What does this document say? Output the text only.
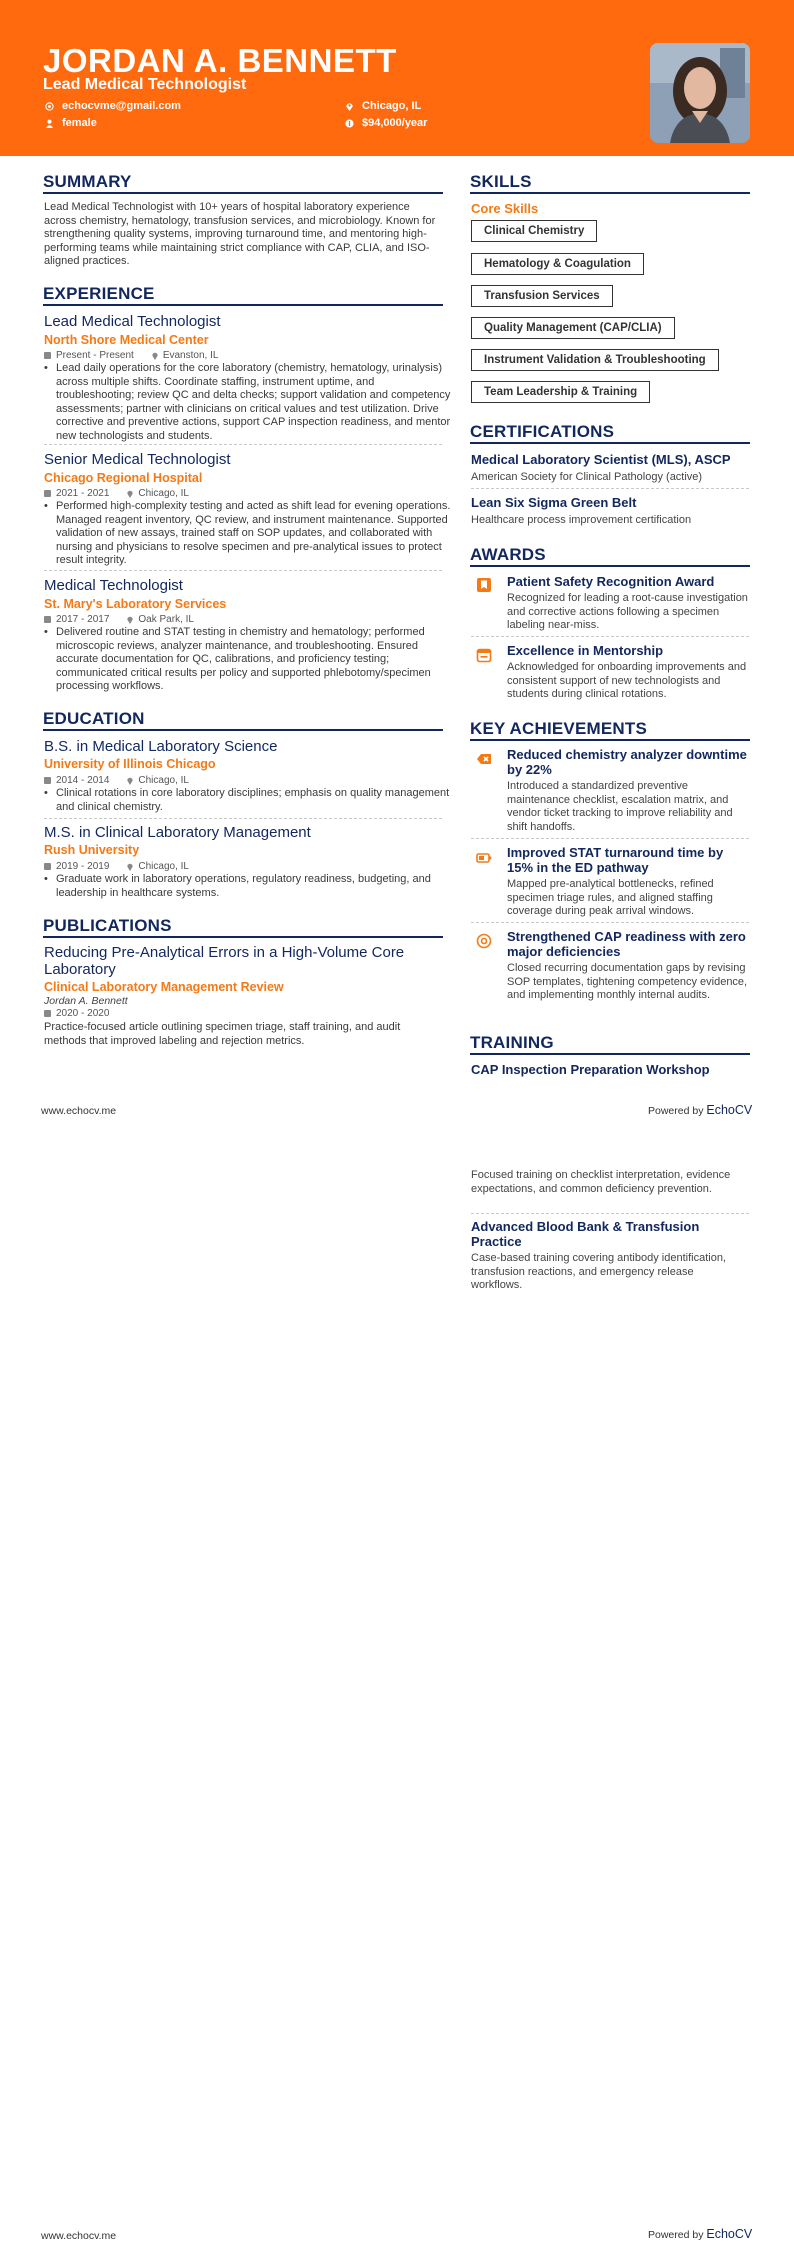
JORDAN A. BENNETT
Lead Medical Technologist
echocvme@gmail.com
female
Chicago, IL
$94,000/year
SUMMARY
Lead Medical Technologist with 10+ years of hospital laboratory experience across chemistry, hematology, transfusion services, and microbiology. Known for strengthening quality systems, improving turnaround time, and mentoring high-performing teams while maintaining strict compliance with CAP, CLIA, and ISO-aligned practices.
EXPERIENCE
Lead Medical Technologist
North Shore Medical Center
Present - Present	Evanston, IL
• Lead daily operations for the core laboratory (chemistry, hematology, urinalysis) across multiple shifts. Coordinate staffing, instrument uptime, and troubleshooting; review QC and delta checks; support validation and competency assessments; partner with clinicians on critical values and test utilization. Drive corrective and preventive actions, support CAP inspection readiness, and mentor new technologists and students.
Senior Medical Technologist
Chicago Regional Hospital
2021 - 2021	Chicago, IL
• Performed high-complexity testing and acted as shift lead for evening operations. Managed reagent inventory, QC review, and instrument maintenance. Supported validation of new assays, trained staff on SOP updates, and collaborated with nursing and physicians to resolve specimen and pre-analytical issues to protect result integrity.
Medical Technologist
St. Mary's Laboratory Services
2017 - 2017	Oak Park, IL
• Delivered routine and STAT testing in chemistry and hematology; performed microscopic reviews, analyzer maintenance, and troubleshooting. Ensured accurate documentation for QC, calibrations, and proficiency testing; communicated critical results per policy and supported phlebotomy/specimen processing workflows.
EDUCATION
B.S. in Medical Laboratory Science
University of Illinois Chicago
2014 - 2014	Chicago, IL
• Clinical rotations in core laboratory disciplines; emphasis on quality management and clinical chemistry.
M.S. in Clinical Laboratory Management
Rush University
2019 - 2019	Chicago, IL
• Graduate work in laboratory operations, regulatory readiness, budgeting, and leadership in healthcare systems.
PUBLICATIONS
Reducing Pre-Analytical Errors in a High-Volume Core Laboratory
Clinical Laboratory Management Review
Jordan A. Bennett
2020 - 2020
Practice-focused article outlining specimen triage, staff training, and audit methods that improved labeling and rejection metrics.
SKILLS
Core Skills
Clinical Chemistry
Hematology & Coagulation
Transfusion Services
Quality Management (CAP/CLIA)
Instrument Validation & Troubleshooting
Team Leadership & Training
CERTIFICATIONS
Medical Laboratory Scientist (MLS), ASCP
American Society for Clinical Pathology (active)
Lean Six Sigma Green Belt
Healthcare process improvement certification
AWARDS
Patient Safety Recognition Award
Recognized for leading a root-cause investigation and corrective actions following a specimen labeling near-miss.
Excellence in Mentorship
Acknowledged for onboarding improvements and consistent support of new technologists and students during clinical rotations.
KEY ACHIEVEMENTS
Reduced chemistry analyzer downtime by 22%
Introduced a standardized preventive maintenance checklist, escalation matrix, and vendor ticket tracking to improve reliability and shift handoffs.
Improved STAT turnaround time by 15% in the ED pathway
Mapped pre-analytical bottlenecks, refined specimen triage rules, and aligned staffing coverage during peak arrival windows.
Strengthened CAP readiness with zero major deficiencies
Closed recurring documentation gaps by revising SOP templates, tightening competency evidence, and implementing monthly internal audits.
TRAINING
CAP Inspection Preparation Workshop
www.echocv.me	Powered by EchoCV
Focused training on checklist interpretation, evidence expectations, and common deficiency prevention.
Advanced Blood Bank & Transfusion Practice
Case-based training covering antibody identification, transfusion reactions, and emergency release workflows.
www.echocv.me	Powered by EchoCV
